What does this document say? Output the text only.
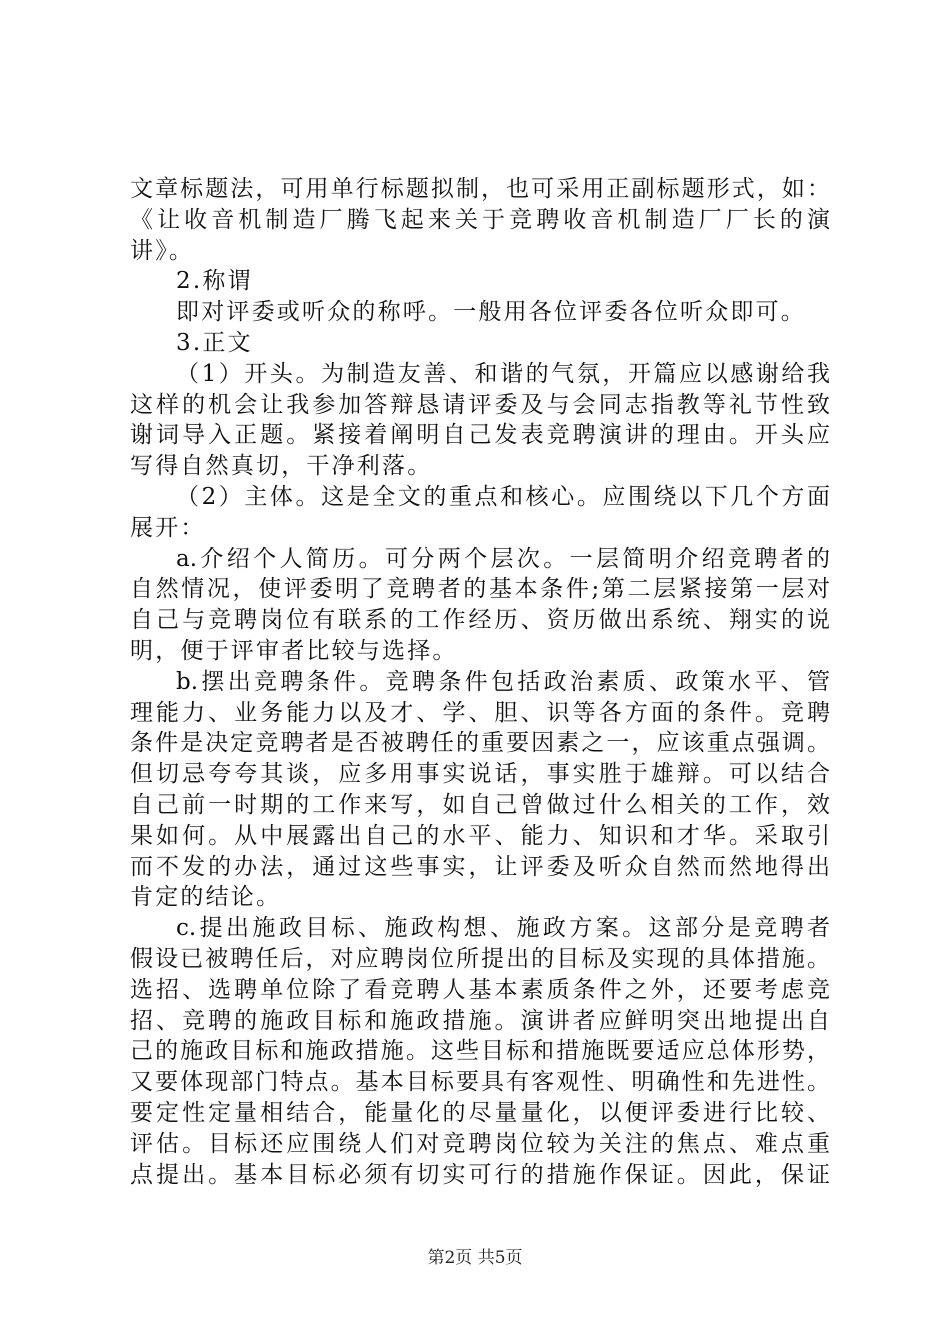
文章标题法，可用单行标题拟制，也可采用正副标题形式，如：
《让收音机制造厂腾飞起来关于竞聘收音机制造厂厂长的演
讲》。
2.称谓
即对评委或听众的称呼。一般用各位评委各位听众即可。
3.正文
（1）开头。为制造友善、和谐的气氛，开篇应以感谢给我
这样的机会让我参加答辩恳请评委及与会同志指教等礼节性致
谢词导入正题。紧接着阐明自己发表竞聘演讲的理由。开头应
写得自然真切，干净利落。
（2）主体。这是全文的重点和核心。应围绕以下几个方面
展开：
a.介绍个人简历。可分两个层次。一层简明介绍竞聘者的
自然情况，使评委明了竞聘者的基本条件;第二层紧接第一层对
自己与竞聘岗位有联系的工作经历、资历做出系统、翔实的说
明，便于评审者比较与选择。
b.摆出竞聘条件。竞聘条件包括政治素质、政策水平、管
理能力、业务能力以及才、学、胆、识等各方面的条件。竞聘
条件是决定竞聘者是否被聘任的重要因素之一，应该重点强调。
但切忌夸夸其谈，应多用事实说话，事实胜于雄辩。可以结合
自己前一时期的工作来写，如自己曾做过什么相关的工作，效
果如何。从中展露出自己的水平、能力、知识和才华。采取引
而不发的办法，通过这些事实，让评委及听众自然而然地得出
肯定的结论。
c.提出施政目标、施政构想、施政方案。这部分是竞聘者
假设已被聘任后，对应聘岗位所提出的目标及实现的具体措施。
选招、选聘单位除了看竞聘人基本素质条件之外，还要考虑竞
招、竞聘的施政目标和施政措施。演讲者应鲜明突出地提出自
己的施政目标和施政措施。这些目标和措施既要适应总体形势，
又要体现部门特点。基本目标要具有客观性、明确性和先进性。
要定性定量相结合，能量化的尽量量化，以便评委进行比较、
评估。目标还应围绕人们对竞聘岗位较为关注的焦点、难点重
点提出。基本目标必须有切实可行的措施作保证。因此，保证
第2页 共5页
